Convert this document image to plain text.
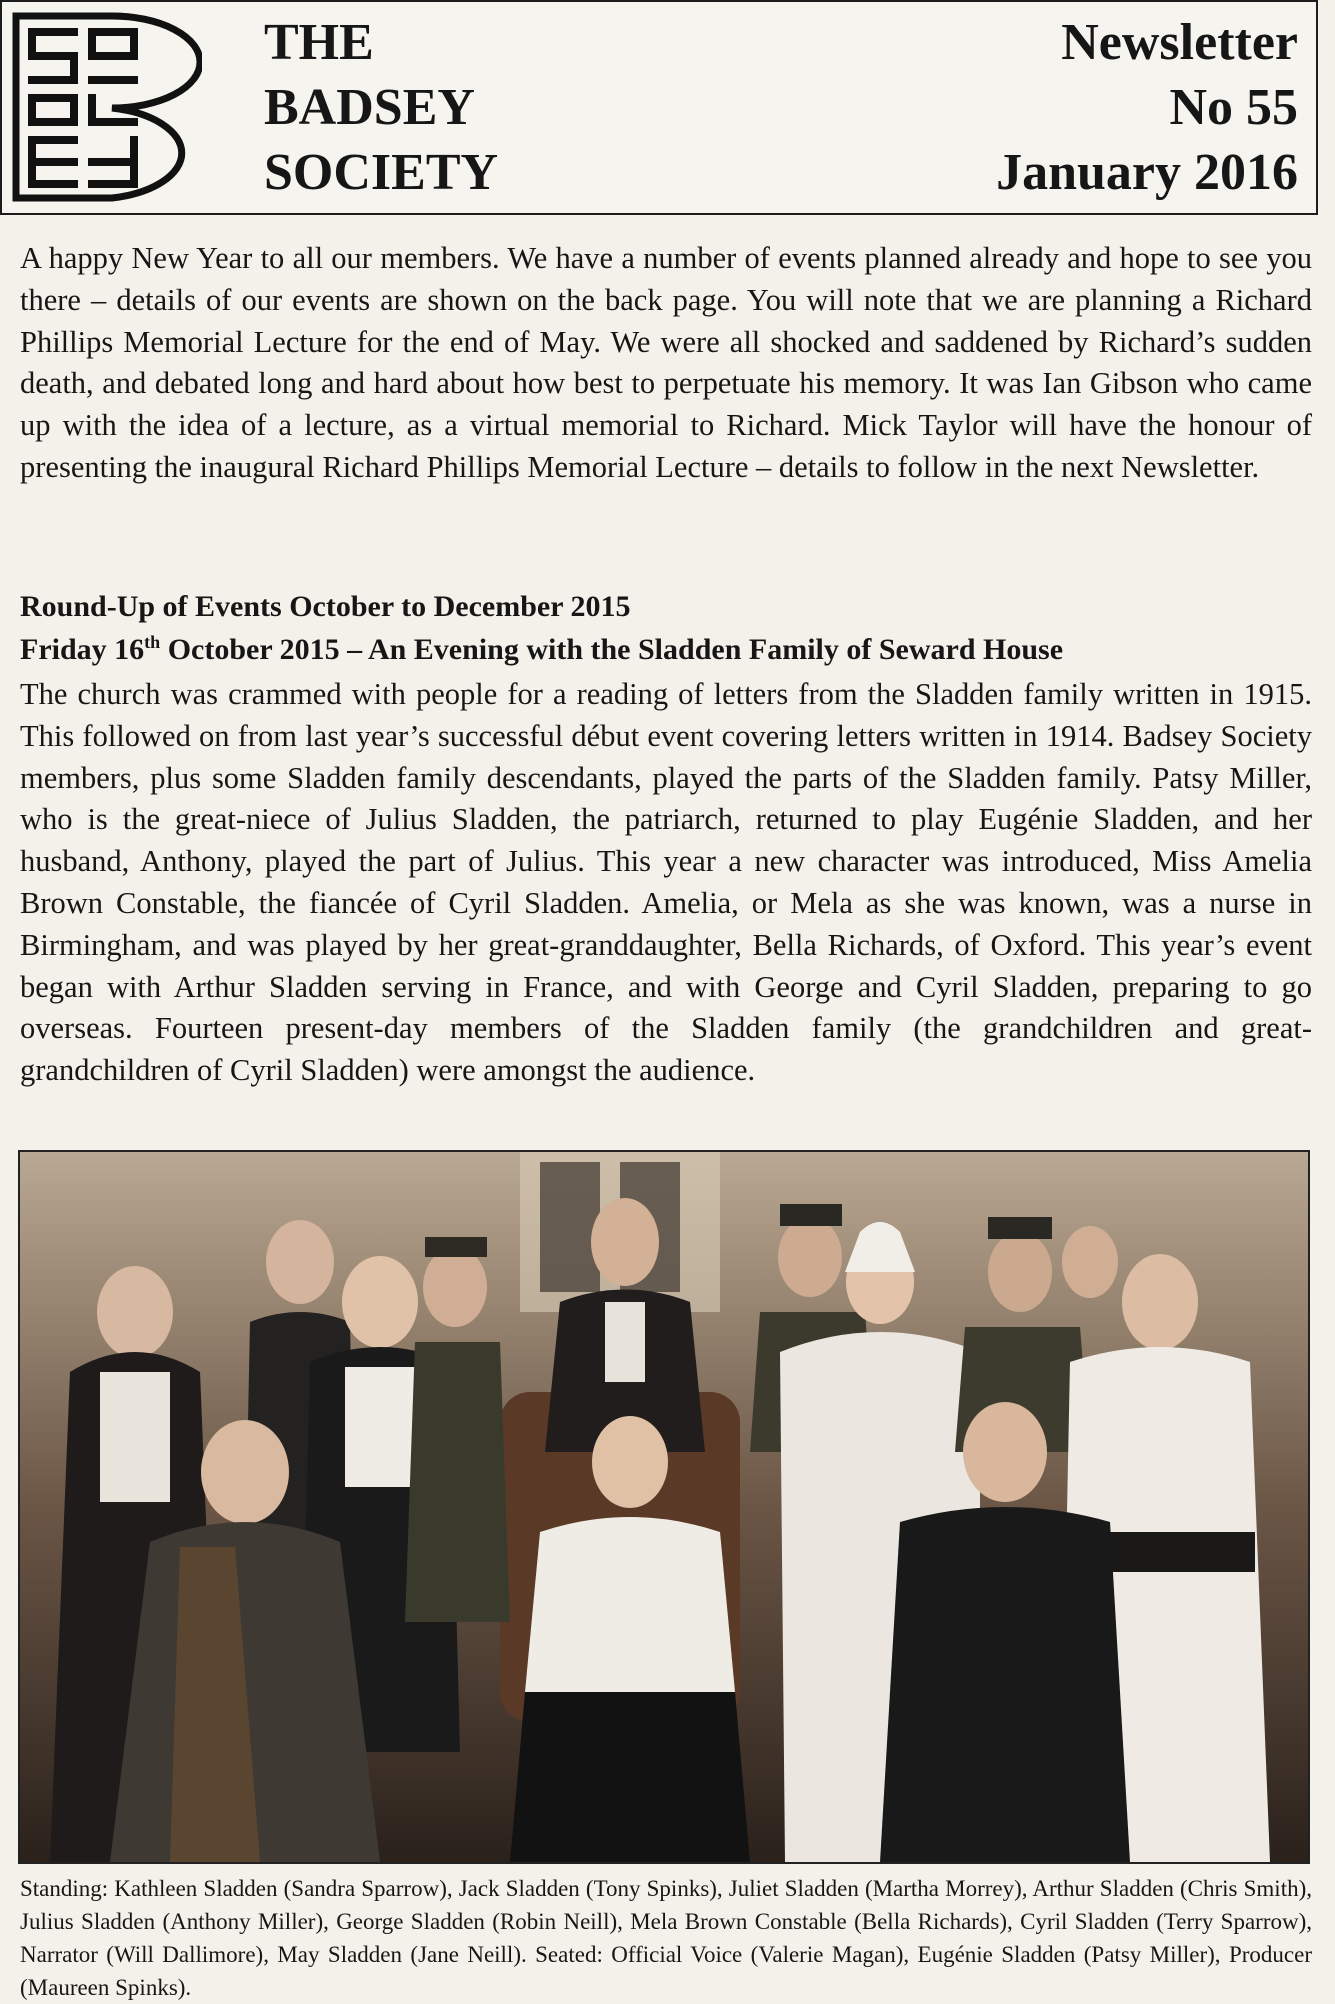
THE
BADSEY
SOCIETY
Newsletter
No 55
January 2016

A happy New Year to all our members. We have a number of events planned already and hope to see you there – details of our events are shown on the back page. You will note that we are planning a Richard Phillips Memorial Lecture for the end of May. We were all shocked and saddened by Richard’s sudden death, and debated long and hard about how best to perpetuate his memory. It was Ian Gibson who came up with the idea of a lecture, as a virtual memorial to Richard. Mick Taylor will have the honour of presenting the inaugural Richard Phillips Memorial Lecture – details to follow in the next Newsletter.

Round-Up of Events October to December 2015
Friday 16th October 2015 – An Evening with the Sladden Family of Seward House

The church was crammed with people for a reading of letters from the Sladden family written in 1915. This followed on from last year’s successful début event covering letters written in 1914. Badsey Society members, plus some Sladden family descendants, played the parts of the Sladden family. Patsy Miller, who is the great-niece of Julius Sladden, the patriarch, returned to play Eugénie Sladden, and her husband, Anthony, played the part of Julius. This year a new character was introduced, Miss Amelia Brown Constable, the fiancée of Cyril Sladden. Amelia, or Mela as she was known, was a nurse in Birmingham, and was played by her great-granddaughter, Bella Richards, of Oxford. This year’s event began with Arthur Sladden serving in France, and with George and Cyril Sladden, preparing to go overseas. Fourteen present-day members of the Sladden family (the grandchildren and great-grandchildren of Cyril Sladden) were amongst the audience.

Standing: Kathleen Sladden (Sandra Sparrow), Jack Sladden (Tony Spinks), Juliet Sladden (Martha Morrey), Arthur Sladden (Chris Smith), Julius Sladden (Anthony Miller), George Sladden (Robin Neill), Mela Brown Constable (Bella Richards), Cyril Sladden (Terry Sparrow), Narrator (Will Dallimore), May Sladden (Jane Neill). Seated: Official Voice (Valerie Magan), Eugénie Sladden (Patsy Miller), Producer (Maureen Spinks).
